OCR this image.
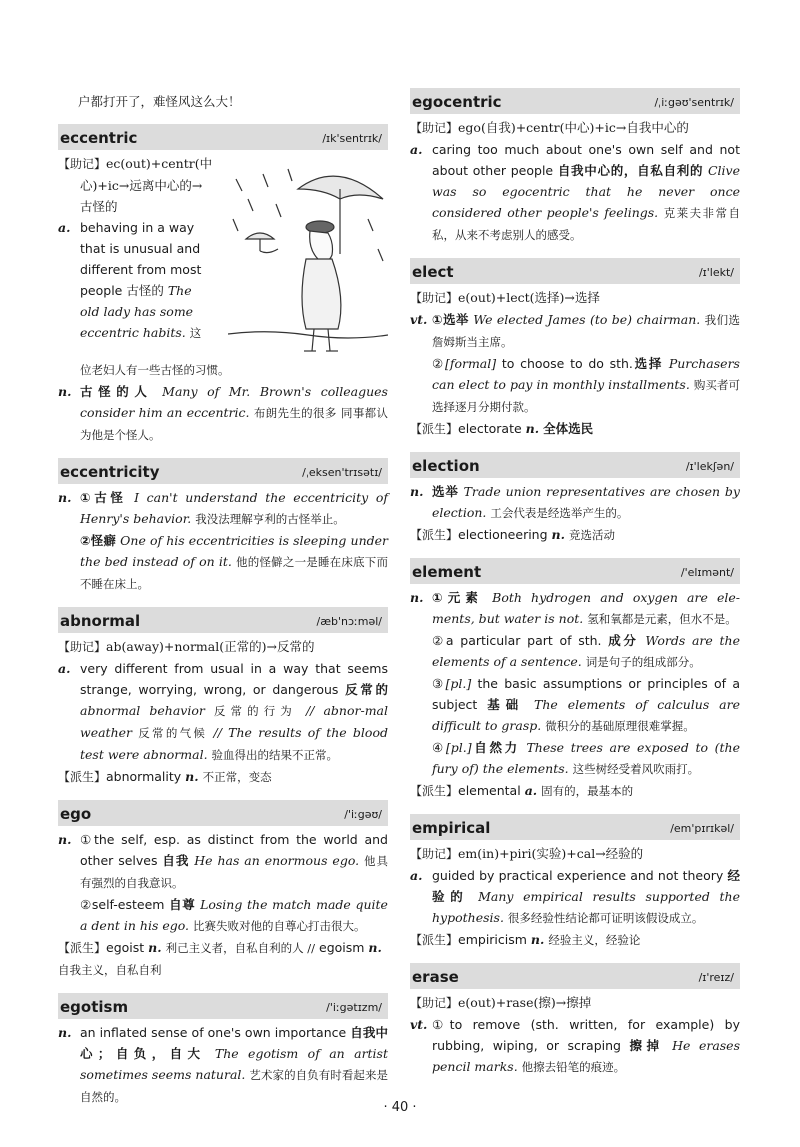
户都打开了，难怪风这么大！
eccentric	/ɪk'sentrɪk/
【助记】ec(out)+centr(中
心)+ic→远离中心的→
古怪的
a. behaving in a way
that is unusual and
different from most
people 古怪的 The
old lady has some
eccentric habits. 这
位老妇人有一些古怪的习惯。
n. 古怪的人 Many of Mr. Brown's colleagues consider him an eccentric. 布朗先生的很多 同事都认为他是个怪人。
eccentricity	/ˌeksen'trɪsətɪ/
n. ①古怪 I can't understand the eccentricity of Henry's behavior. 我没法理解亨利的古怪举止。
②怪癖 One of his eccentricities is sleeping under the bed instead of on it. 他的怪僻之一是睡在床底下而不睡在床上。
abnormal	/æb'nɔːməl/
【助记】ab(away)+normal(正常的)→反常的
a. very different from usual in a way that seems strange, worrying, wrong, or dangerous 反常的 abnormal behavior 反常的行为 // abnor-mal weather 反常的气候 // The results of the blood test were abnormal. 验血得出的结果不正常。
【派生】abnormality n. 不正常，变态
ego	/'iːgəʊ/
n. ①the self, esp. as distinct from the world and other selves 自我 He has an enormous ego. 他具有强烈的自我意识。
②self-esteem 自尊 Losing the match made quite a dent in his ego. 比赛失败对他的自尊心打击很大。
【派生】egoist n. 利己主义者，自私自利的人 // egoism n. 自我主义，自私自利
egotism	/'iːgətɪzm/
n. an inflated sense of one's own importance 自我中心；自负，自大 The egotism of an artist sometimes seems natural. 艺术家的自负有时看起来是自然的。
egocentric	/ˌiːgəʊ'sentrɪk/
【助记】ego(自我)+centr(中心)+ic→自我中心的
a. caring too much about one's own self and not about other people 自我中心的，自私自利的 Clive was so egocentric that he never once considered other people's feelings. 克莱夫非常自私，从来不考虑别人的感受。
elect	/ɪ'lekt/
【助记】e(out)+lect(选择)→选择
vt. ①选举 We elected James (to be) chairman. 我们选詹姆斯当主席。
②[formal] to choose to do sth.选择 Purchasers can elect to pay in monthly installments. 购买者可选择逐月分期付款。
【派生】electorate n. 全体选民
election	/ɪ'lekʃən/
n. 选举 Trade union representatives are chosen by election. 工会代表是经选举产生的。
【派生】electioneering n. 竞选活动
element	/'elɪmənt/
n. ①元素 Both hydrogen and oxygen are ele- ments, but water is not. 氢和氧都是元素，但水不是。
②a particular part of sth. 成分 Words are the elements of a sentence. 词是句子的组成部分。
③[pl.] the basic assumptions or principles of a subject 基础 The elements of calculus are difficult to grasp. 微积分的基础原理很难掌握。
④[pl.]自然力 These trees are exposed to (the fury of) the elements. 这些树经受着风吹雨打。
【派生】elemental a. 固有的，最基本的
empirical	/em'pɪrɪkəl/
【助记】em(in)+piri(实验)+cal→经验的
a. guided by practical experience and not theory 经验的 Many empirical results supported the hypothesis. 很多经验性结论都可证明该假设成立。
【派生】empiricism n. 经验主义，经验论
erase	/ɪ'reɪz/
【助记】e(out)+rase(擦)→擦掉
vt. ①to remove (sth. written, for example) by rubbing, wiping, or scraping 擦掉 He erases pencil marks. 他擦去铅笔的痕迹。
· 40 ·
